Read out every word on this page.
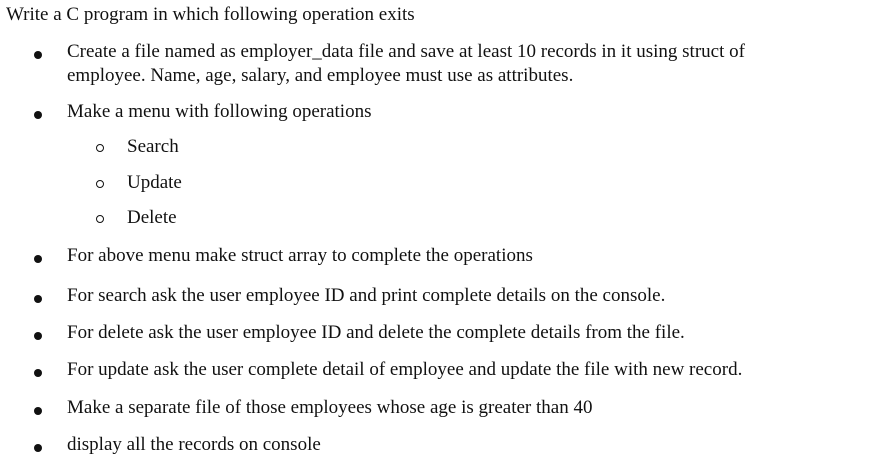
Write a C program in which following operation exits
Create a file named as employer_data file and save at least 10 records in it using struct of
employee. Name, age, salary, and employee must use as attributes.
Make a menu with following operations
Search
Update
Delete
For above menu make struct array to complete the operations
For search ask the user employee ID and print complete details on the console.
For delete ask the user employee ID and delete the complete details from the file.
For update ask the user complete detail of employee and update the file with new record.
Make a separate file of those employees whose age is greater than 40
display all the records on console
